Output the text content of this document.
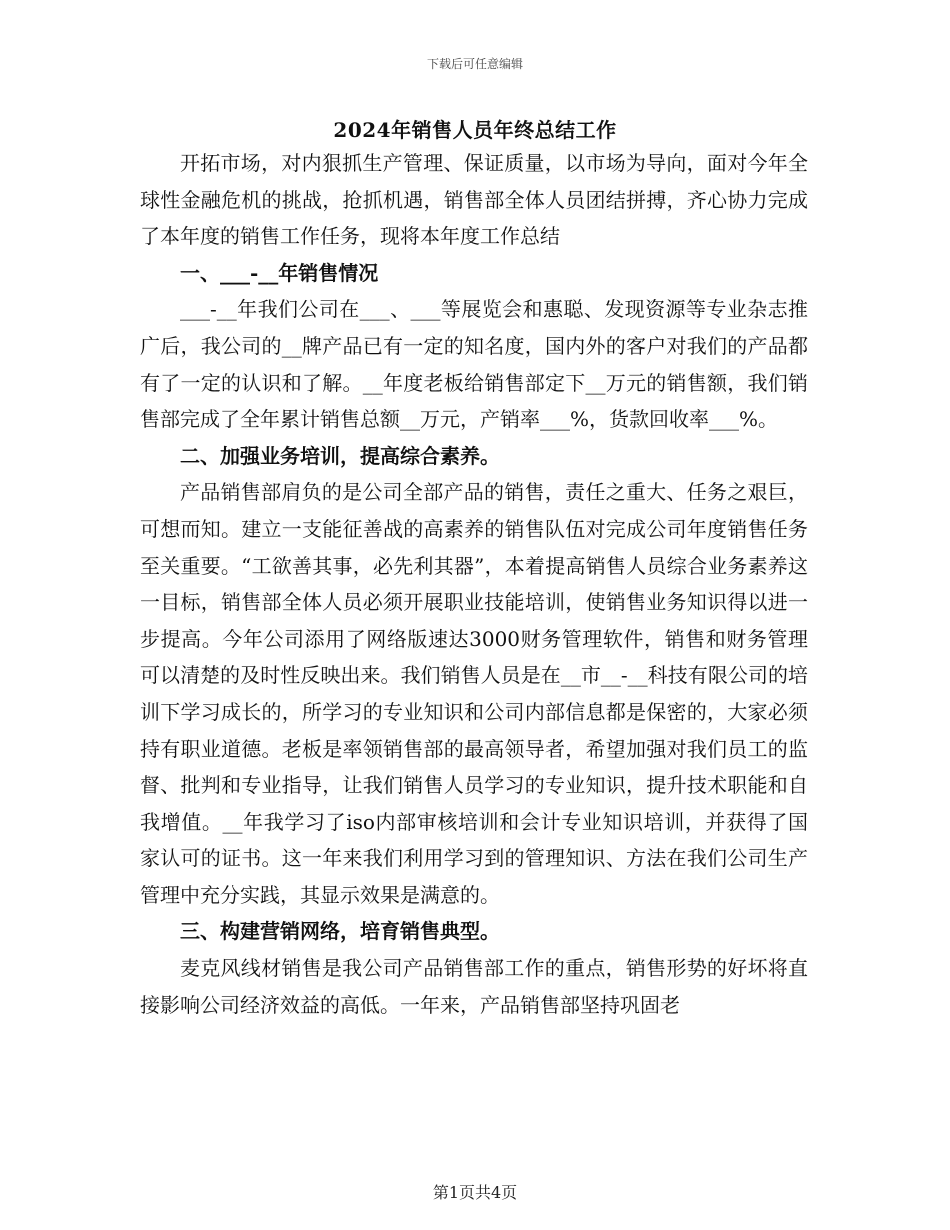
下载后可任意编辑
2024年销售人员年终总结工作

开拓市场，对内狠抓生产管理、保证质量，以市场为导向，面对今年全球性金融危机的挑战，抢抓机遇，销售部全体人员团结拼搏，齐心协力完成了本年度的销售工作任务，现将本年度工作总结

一、___-__年销售情况

___-__年我们公司在___、___等展览会和惠聪、发现资源等专业杂志推广后，我公司的__牌产品已有一定的知名度，国内外的客户对我们的产品都有了一定的认识和了解。__年度老板给销售部定下__万元的销售额，我们销售部完成了全年累计销售总额__万元，产销率___%，货款回收率___%。

二、加强业务培训，提高综合素养。

产品销售部肩负的是公司全部产品的销售，责任之重大、任务之艰巨，可想而知。建立一支能征善战的高素养的销售队伍对完成公司年度销售任务至关重要。“工欲善其事，必先利其器”，本着提高销售人员综合业务素养这一目标，销售部全体人员必须开展职业技能培训，使销售业务知识得以进一步提高。今年公司添用了网络版速达3000财务管理软件，销售和财务管理可以清楚的及时性反映出来。我们销售人员是在__市__-__科技有限公司的培训下学习成长的，所学习的专业知识和公司内部信息都是保密的，大家必须持有职业道德。老板是率领销售部的最高领导者，希望加强对我们员工的监督、批判和专业指导，让我们销售人员学习的专业知识，提升技术职能和自我增值。__年我学习了iso内部审核培训和会计专业知识培训，并获得了国家认可的证书。这一年来我们利用学习到的管理知识、方法在我们公司生产管理中充分实践，其显示效果是满意的。

三、构建营销网络，培育销售典型。

麦克风线材销售是我公司产品销售部工作的重点，销售形势的好坏将直接影响公司经济效益的高低。一年来，产品销售部坚持巩固老

第1页共4页
